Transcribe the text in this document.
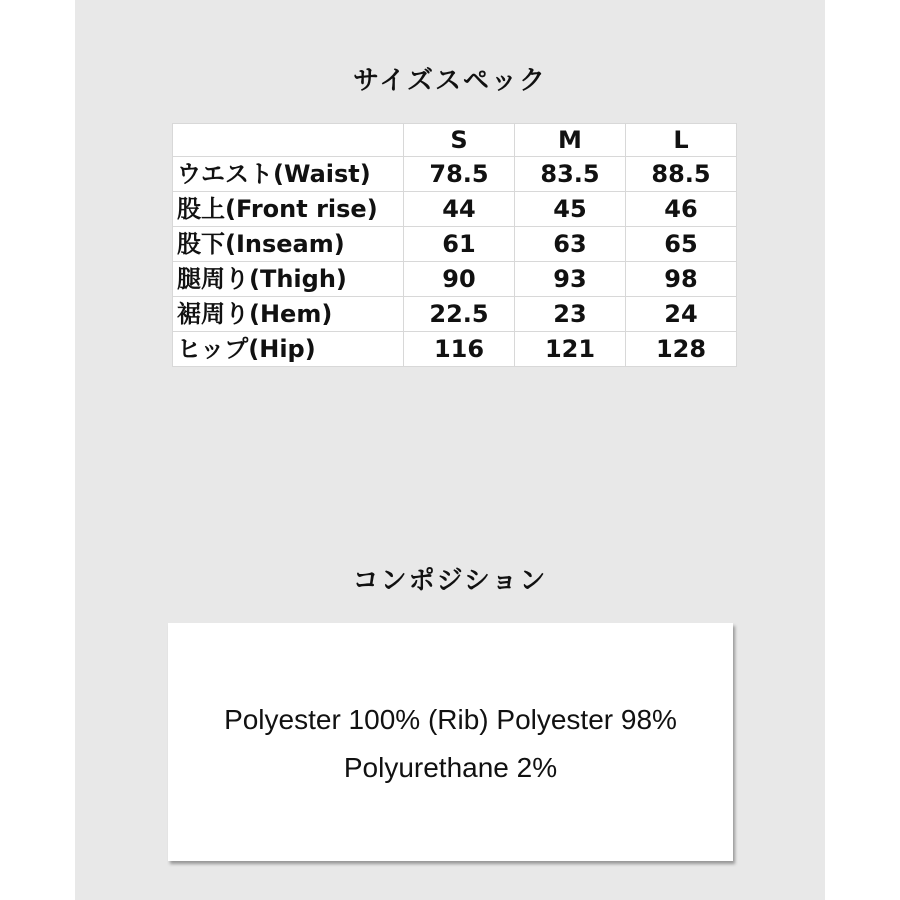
サイズスペック
	S	M	L
ウエスト(Waist)	78.5	83.5	88.5
股上(Front rise)	44	45	46
股下(Inseam)	61	63	65
腿周り(Thigh)	90	93	98
裾周り(Hem)	22.5	23	24
ヒップ(Hip)	116	121	128
コンポジション
Polyester 100% (Rib) Polyester 98% Polyurethane 2%
